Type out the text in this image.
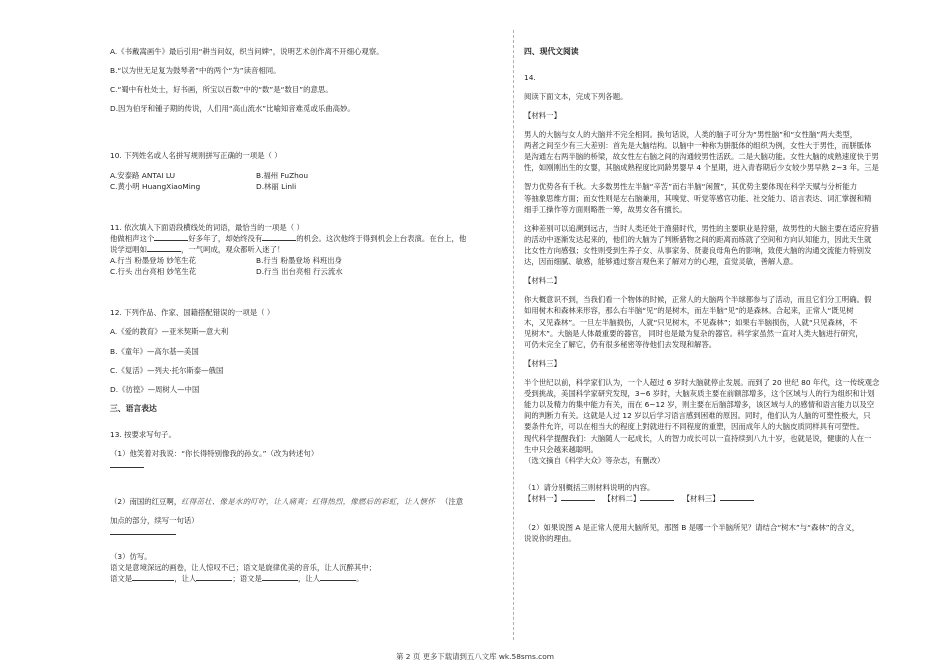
A.《书戴嵩画牛》最后引用“耕当问奴，织当问婢”，说明艺术创作离不开细心观察。
B.“以为世无足复为鼓琴者”中的两个“为”读音相同。
C.“蜀中有杜处士，好书画，所宝以百数”中的“数”是“数目”的意思。
D.因为伯牙和锺子期的传说，人们用“高山流水”比喻知音难觅或乐曲高妙。
10. 下列姓名或人名拼写规则拼写正确的一项是（ ）
A.安泰路 ANTAI LU	B.福州 FuZhou
C.黄小明 HuangXiaoMing	D.林丽 Linli
11. 依次填入下面语段横线处的词语，最恰当的一项是（ ）
他做相声这个	好多年了，却始终没有	的机会。这次他终于得到机会上台表演。在台上，他
说学逗唱如	，一气呵成，观众都听入迷了！
A.行当 粉墨登场 妙笔生花	B.行当 粉墨登场 科班出身
C.行头 出台亮相 妙笔生花	D.行当 出台亮相 行云流水
12. 下列作品、作家、国籍搭配错误的一项是（ ）
A.《爱的教育》—亚米契斯—意大利
B.《童年》—高尔基—美国
C.《复活》—列夫·托尔斯泰—俄国
D.《彷徨》—周树人—中国
三、语言表达
13. 按要求写句子。
（1）他笑着对我说：“你长得特别像我的孙女。”（改为转述句）
（2）南国的红豆啊，红得茁壮、像是水的叮咛，让人痛爽；红得热烈，像燃后的彩虹，让人惬怀 （注意
加点的部分，续写一句话）
（3）仿写。
语文是意境深远的画卷，让人惊叹不已；语文是旋律优美的音乐，让人沉醉其中；
语文是	，让人	；语文是	，让人	。
四、现代文阅读
14.
阅读下面文本，完成下列各题。
【材料一】
男人的大脑与女人的大脑并不完全相同。换句话说，人类的脑子可分为“男性脑”和“女性脑”两大类型，
两者之间至少有三大差别：首先是大脑结构。以脑中一种称为胼胝体的组织为例，女性大于男性，而胼胝体
是沟通左右两半脑的桥梁，故女性左右脑之间的沟通较男性活跃。二是大脑功能。女性大脑的成熟速度快于男
性，如刚刚出生的女婴，其脑成熟程度比同龄男婴早 4 个星期，进入青春期后少女较少男早熟 2~3 年。三是
智力优势各有千秋。大多数男性左半脑“辛苦”而右半脑“闲置”，其优势主要体现在科学天赋与分析能力
等抽象思维方面；而女性则是左右脑兼用，其嗅觉、听觉等感官功能、社交能力、语言表达、词汇掌握和精
细手工操作等方面则略胜一筹，故男女各有擅长。
这种差别可以追溯到远古，当时人类还处于渔猎时代，男性的主要职业是狩猎，故男性的大脑主要在适应狩猎
的活动中逐渐发达起来的，他们的大脑为了判断猎物之间的距离而练就了空间和方向认知能力，因此天生就
比女性方向感强；女性则受到生养子女、从事家务、贤妻良母角色的影响，致使大脑的沟通交流能力特别发
达，因而细腻、敏感，能够通过察言观色来了解对方的心理，直觉灵敏，善解人意。
【材料二】
你大概意识不到，当我们看一个物体的时候，正常人的大脑两个半球都参与了活动，而且它们分工明确。假
如用树木和森林来形容，那么右半脑“见”的是树木，而左半脑“见”的是森林。合起来，正常人“既见树
木，又见森林”。一旦左半脑损伤，人就“只见树木，不见森林”；如果右半脑损伤，人就“只见森林，不
见树木”。大脑是人体最重要的器官， 同时也是最为复杂的器官。科学家虽然一直对人类大脑进行研究，
可仍未完全了解它，仍有很多秘密等待他们去发现和解答。
【材料三】
半个世纪以前，科学家们认为，一个人超过 6 岁时大脑就停止发展。而到了 20 世纪 80 年代，这一传统观念
受到挑战，美国科学家研究发现，3~6 岁时，大脑灰质主要在前额部增多，这个区域与人的行为组织和计划
能力以及精力的集中能力有关，而在 6~12 岁，则主要在后脑部增多，该区域与人的感情和语言能力以及空
间的判断力有关。这就是人过 12 岁以后学习语言感到困难的原因。同时，他们认为人脑的可塑性极大，只
要条件允许，可以在相当大的程度上對就进行不同程度的重塑，因而成年人的大脑皮质同样具有可塑性。
现代科学提醒我们：大脑随人一起成长，人的智力成长可以一直持续到八九十岁，也就是说，健康的人在一
生中只会越来越聪明。
（选文摘自《科学大众》等杂志，有删改）
（1）请分别概括三则材料说明的内容。
【材料一】	【材料二】	【材料三】
（2）如果说图 A 是正常人使用大脑所见，那图 B 是哪一个半脑所见？请结合“树木”与“森林”的含义，
说说你的理由。
第 2 页 更多下载请到五八文库 wk.58sms.com
